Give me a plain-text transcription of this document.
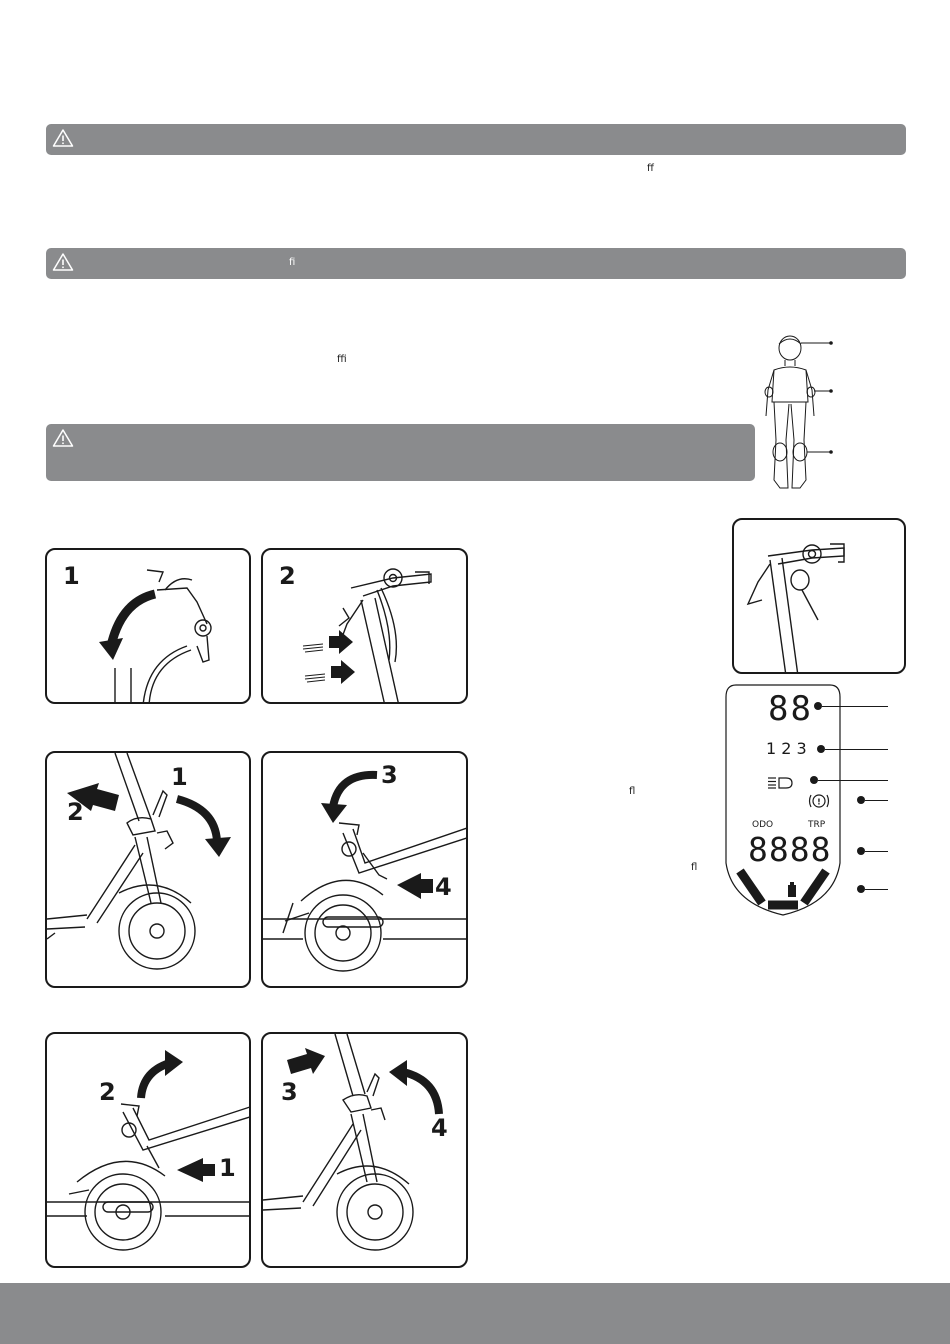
ff
fi
ffi
1	2
1
2
3
4
2
1
3
4
!
88
1 2 3
ODO	TRP
8888
fl
fl
